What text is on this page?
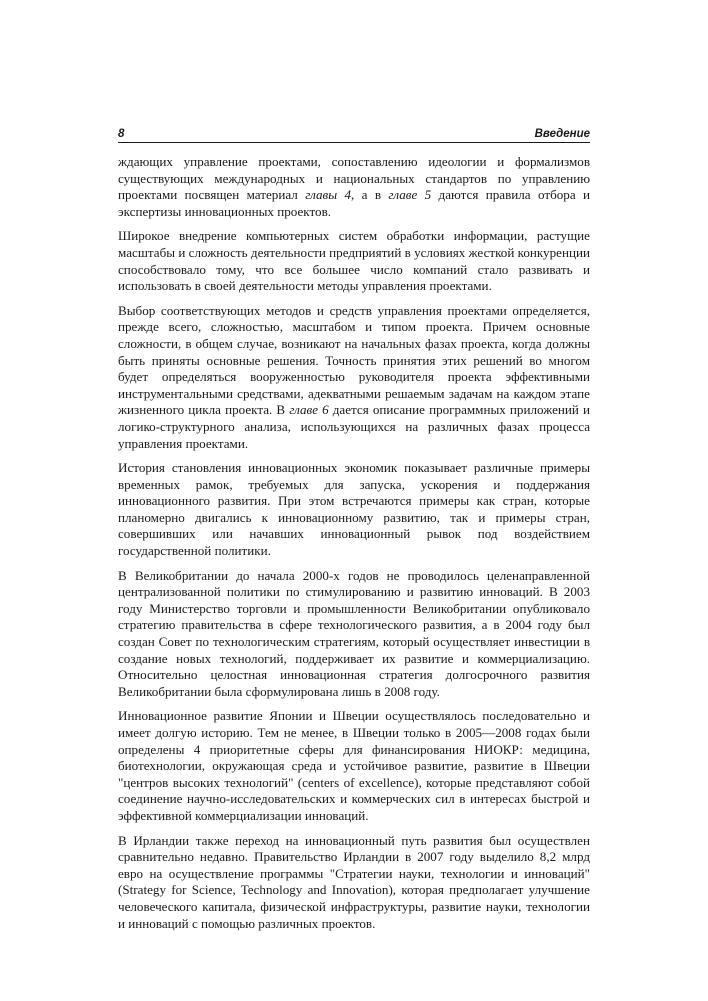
8	Введение

ждающих управление проектами, сопоставлению идеологии и формализмов существующих международных и национальных стандартов по управлению проектами посвящен материал главы 4, а в главе 5 даются правила отбора и экспертизы инновационных проектов.

Широкое внедрение компьютерных систем обработки информации, растущие масштабы и сложность деятельности предприятий в условиях жесткой конкуренции способствовало тому, что все большее число компаний стало развивать и использовать в своей деятельности методы управления проектами.

Выбор соответствующих методов и средств управления проектами определяется, прежде всего, сложностью, масштабом и типом проекта. Причем основные сложности, в общем случае, возникают на начальных фазах проекта, когда должны быть приняты основные решения. Точность принятия этих решений во многом будет определяться вооруженностью руководителя проекта эффективными инструментальными средствами, адекватными решаемым задачам на каждом этапе жизненного цикла проекта. В главе 6 дается описание программных приложений и логико-структурного анализа, использующихся на различных фазах процесса управления проектами.

История становления инновационных экономик показывает различные примеры временных рамок, требуемых для запуска, ускорения и поддержания инновационного развития. При этом встречаются примеры как стран, которые планомерно двигались к инновационному развитию, так и примеры стран, совершивших или начавших инновационный рывок под воздействием государственной политики.

В Великобритании до начала 2000-х годов не проводилось целенаправленной централизованной политики по стимулированию и развитию инноваций. В 2003 году Министерство торговли и промышленности Великобритании опубликовало стратегию правительства в сфере технологического развития, а в 2004 году был создан Совет по технологическим стратегиям, который осуществляет инвестиции в создание новых технологий, поддерживает их развитие и коммерциализацию. Относительно целостная инновационная стратегия долгосрочного развития Великобритании была сформулирована лишь в 2008 году.

Инновационное развитие Японии и Швеции осуществлялось последовательно и имеет долгую историю. Тем не менее, в Швеции только в 2005—2008 годах были определены 4 приоритетные сферы для финансирования НИОКР: медицина, биотехнологии, окружающая среда и устойчивое развитие, развитие в Швеции "центров высоких технологий" (centers of excellence), которые представляют собой соединение научно-исследовательских и коммерческих сил в интересах быстрой и эффективной коммерциализации инноваций.

В Ирландии также переход на инновационный путь развития был осуществлен сравнительно недавно. Правительство Ирландии в 2007 году выделило 8,2 млрд евро на осуществление программы "Стратегии науки, технологии и инноваций" (Strategy for Science, Technology and Innovation), которая предполагает улучшение человеческого капитала, физической инфраструктуры, развитие науки, технологии и инноваций с помощью различных проектов.
